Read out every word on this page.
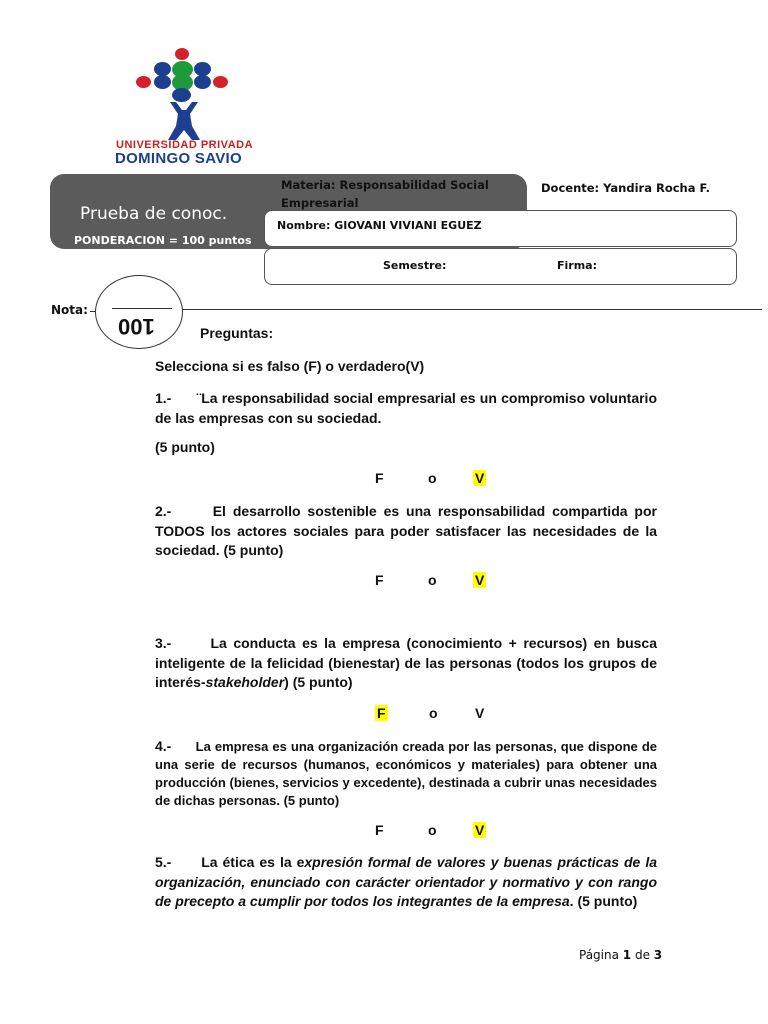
UNIVERSIDAD PRIVADA
DOMINGO SAVIO
Prueba de conoc.
PONDERACION = 100 puntos
Materia: Responsabilidad Social Empresarial
Docente: Yandira Rocha F.
Nombre: GIOVANI VIVIANI EGUEZ
Semestre:	Firma:
Nota:
100	Preguntas:
Selecciona si es falso (F) o verdadero(V)
1.- ¨La responsabilidad social empresarial es un compromiso voluntario de las empresas con su sociedad.
(5 punto)
F	o	V
2.-	El desarrollo sostenible es una responsabilidad compartida por TODOS los actores sociales para poder satisfacer las necesidades de la sociedad. (5 punto)
F	o	V
3.-	La conducta es la empresa (conocimiento + recursos) en busca inteligente de la felicidad (bienestar) de las personas (todos los grupos de interés-stakeholder) (5 punto)
F	o	V
4.- La empresa es una organización creada por las personas, que dispone de una serie de recursos (humanos, económicos y materiales) para obtener una producción (bienes, servicios y excedente), destinada a cubrir unas necesidades de dichas personas. (5 punto)
F	o	V
5.- La ética es la expresión formal de valores y buenas prácticas de la organización, enunciado con carácter orientador y normativo y con rango de precepto a cumplir por todos los integrantes de la empresa. (5 punto)
Página 1 de 3
